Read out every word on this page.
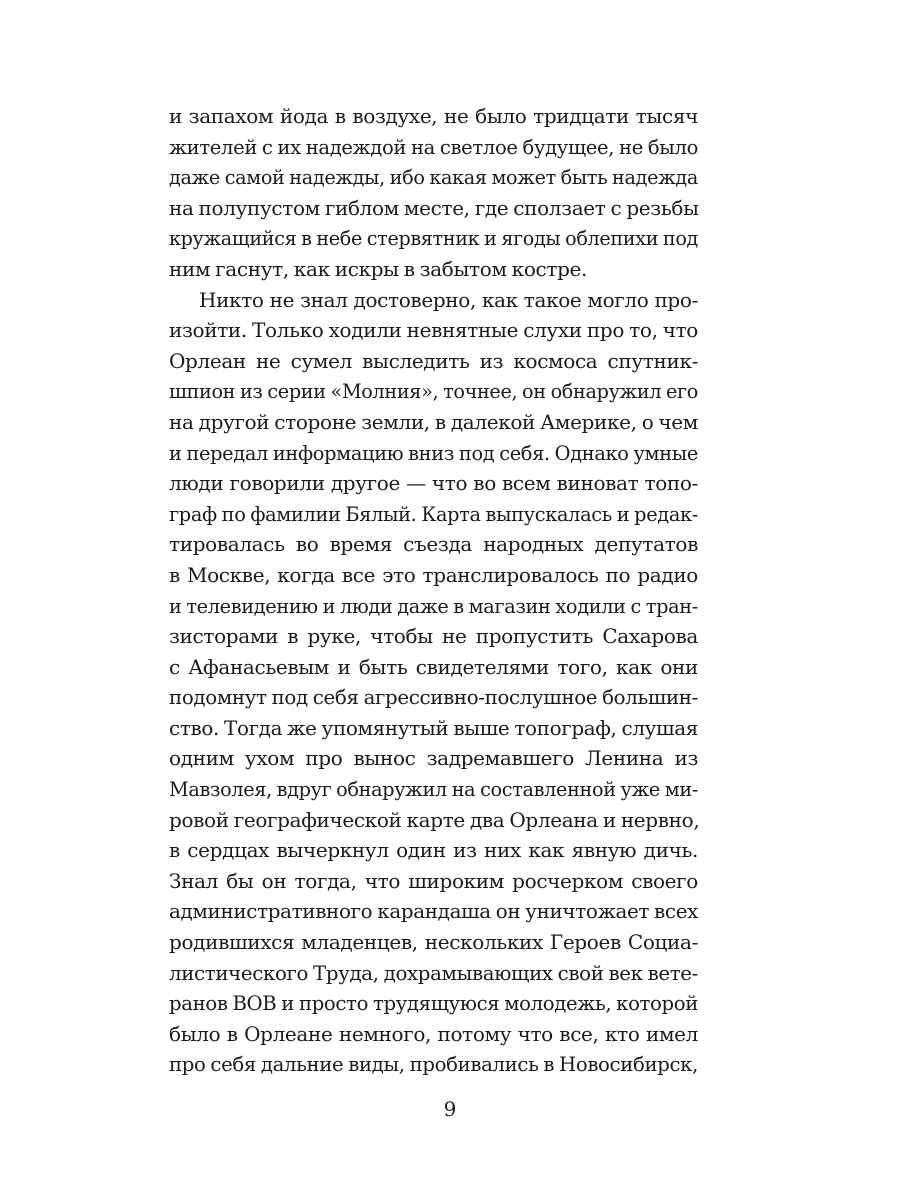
и запахом йода в воздухе, не было тридцати тысяч
жителей с их надеждой на светлое будущее, не было
даже самой надежды, ибо какая может быть надежда
на полупустом гиблом месте, где сползает с резьбы
кружащийся в небе стервятник и ягоды облепихи под
ним гаснут, как искры в забытом костре.
Никто не знал достоверно, как такое могло про-
изойти. Только ходили невнятные слухи про то, что
Орлеан не сумел выследить из космоса спутник-
шпион из серии «Молния», точнее, он обнаружил его
на другой стороне земли, в далекой Америке, о чем
и передал информацию вниз под себя. Однако умные
люди говорили другое — что во всем виноват топо-
граф по фамилии Бялый. Карта выпускалась и редак-
тировалась во время съезда народных депутатов
в Москве, когда все это транслировалось по радио
и телевидению и люди даже в магазин ходили с тран-
зисторами в руке, чтобы не пропустить Сахарова
с Афанасьевым и быть свидетелями того, как они
подомнут под себя агрессивно-послушное большин-
ство. Тогда же упомянутый выше топограф, слушая
одним ухом про вынос задремавшего Ленина из
Мавзолея, вдруг обнаружил на составленной уже ми-
ровой географической карте два Орлеана и нервно,
в сердцах вычеркнул один из них как явную дичь.
Знал бы он тогда, что широким росчерком своего
административного карандаша он уничтожает всех
родившихся младенцев, нескольких Героев Социа-
листического Труда, дохрамывающих свой век вете-
ранов ВОВ и просто трудящуюся молодежь, которой
было в Орлеане немного, потому что все, кто имел
про себя дальние виды, пробивались в Новосибирск,
9
